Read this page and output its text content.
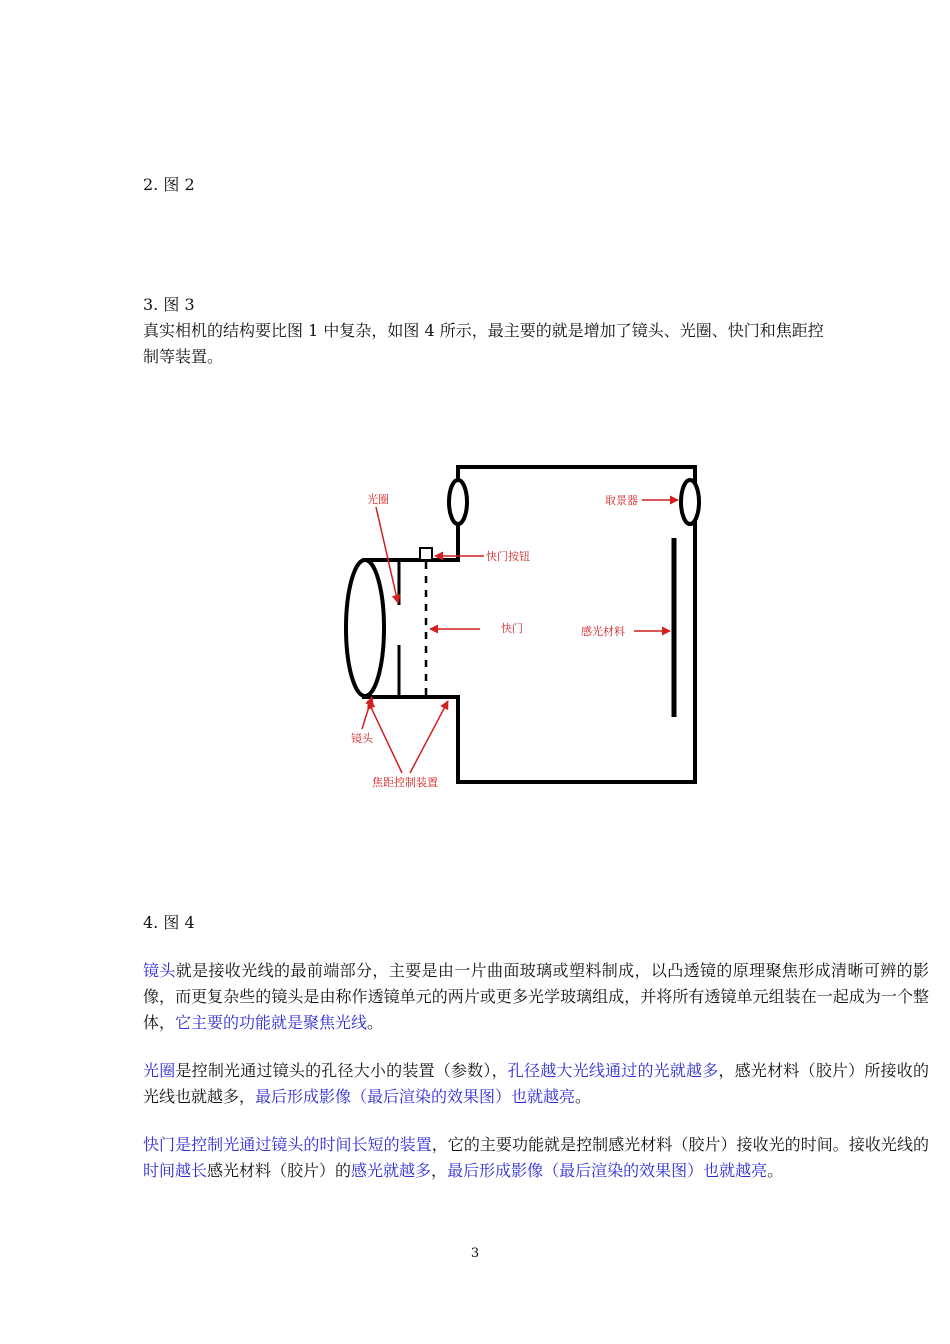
2. 图 2
3. 图 3
真实相机的结构要比图 1 中复杂，如图 4 所示，最主要的就是增加了镜头、光圈、快门和焦距控
制等装置。
光圈
快门按钮
取景器
快门	感光材料
镜头
焦距控制装置
4. 图 4
镜头就是接收光线的最前端部分，主要是由一片曲面玻璃或塑料制成，以凸透镜的原理聚焦形成清晰可辨的影像，而更复杂些的镜头是由称作透镜单元的两片或更多光学玻璃组成，并将所有透镜单元组装在一起成为一个整体，它主要的功能就是聚焦光线。
光圈是控制光通过镜头的孔径大小的装置（参数），孔径越大光线通过的光就越多，感光材料（胶片）所接收的光线也就越多，最后形成影像（最后渲染的效果图）也就越亮。
快门是控制光通过镜头的时间长短的装置，它的主要功能就是控制感光材料（胶片）接收光的时间。接收光线的时间越长感光材料（胶片）的感光就越多，最后形成影像（最后渲染的效果图）也就越亮。
3
